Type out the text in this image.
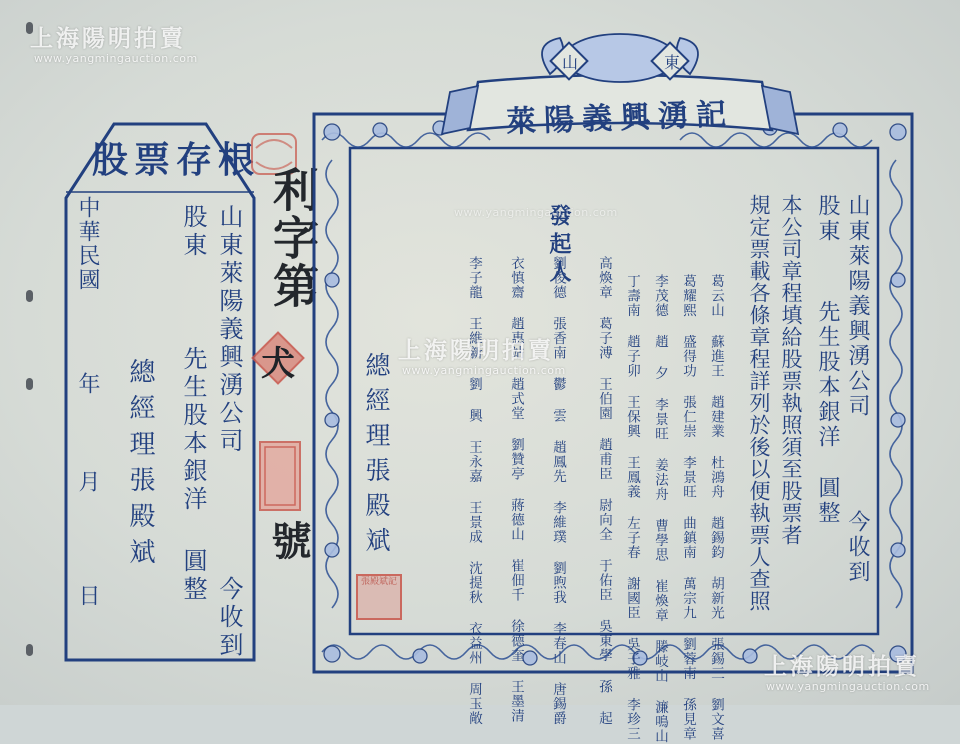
股票存根
山東萊陽義興湧公司
股東
先生股本銀洋
圓整 今收到
總經理張殿斌
中華民國
年
月
日
利字第
犬
號
山	東
萊陽義興湧記
山東萊陽義興湧公司
股東
先生股本銀洋
圓整
今收到
本公司章程填給股票執照須至股票者
規定票載各條章程詳列於後以便執票人查照
發起人
葛云山 蘇進王 趙建業 杜鴻舟 趙錫鈞 胡新光 張錫三 劉文喜
葛耀熙 盛得功 張仁崇 李景旺 曲鎮南 萬宗九 劉蓉南 孫見章
李茂德 趙 夕 李景旺 姜法舟 曹學思 崔煥章 滕岐山 濂鳴山
丁壽南 趙子卯 王保興 王鳳義 左子春 謝國臣 吳子雅 李珍三
高煥章 葛子溥 王伯園 趙甫臣 尉向全 于佑臣 吳東學 孫 起
劉俊德 張香南 鬱 雲 趙鳳先 李維璞 劉煦我 李春山 唐錫爵
衣慎齋 趙惠站 趙式堂 劉贊亭 蔣德山 崔佃千 徐德奎 王墨清
李子龍 王維新 劉 興 王永嘉 王景成 沈提秋 衣益州 周玉敞
總經理張殿斌
張殿斌記
上海陽明拍賣
www.yangmingauction.com
上海陽明拍賣
www.yangmingauction.com
www.yangmingauction.com
上海陽明拍賣
www.yangmingauction.com
